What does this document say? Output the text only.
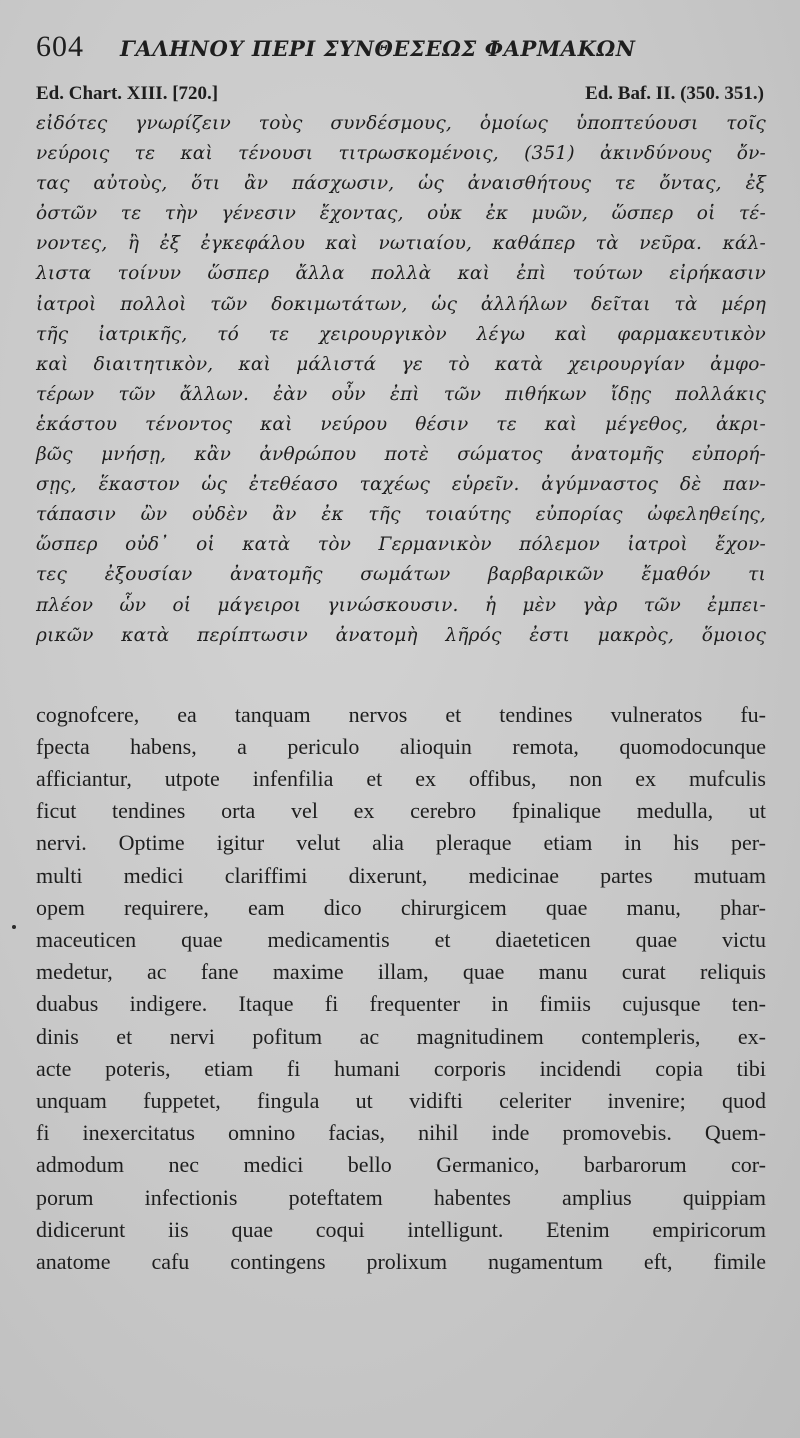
604	ΓΑΛΗΝΟΥ ΠΕΡΙ ΣΥΝΘΕΣΕΩΣ ΦΑΡΜΑΚΩΝ
Ed. Chart. XIII. [720.]	Ed. Baf. II. (350. 351.)
εἰδότες γνωρίζειν τοὺς συνδέσμους, ὁμοίως ὑποπτεύουσι τοῖς
νεύροις τε καὶ τένουσι τιτρωσκομένοις, (351) ἀκινδύνους ὄν-
τας αὐτοὺς, ὅτι ἂν πάσχωσιν, ὡς ἀναισθήτους τε ὄντας, ἐξ
ὀστῶν τε τὴν γένεσιν ἔχοντας, οὐκ ἐκ μυῶν, ὥσπερ οἱ τέ-
νοντες, ἢ ἐξ ἐγκεφάλου καὶ νωτιαίου, καθάπερ τὰ νεῦρα. κάλ-
λιστα τοίνυν ὥσπερ ἄλλα πολλὰ καὶ ἐπὶ τούτων εἰρήκασιν
ἰατροὶ πολλοὶ τῶν δοκιμωτάτων, ὡς ἀλλήλων δεῖται τὰ μέρη
τῆς ἰατρικῆς, τό τε χειρουργικὸν λέγω καὶ φαρμακευτικὸν
καὶ διαιτητικὸν, καὶ μάλιστά γε τὸ κατὰ χειρουργίαν ἀμφο-
τέρων τῶν ἄλλων. ἐὰν οὖν ἐπὶ τῶν πιθήκων ἴδῃς πολλάκις
ἑκάστου τένοντος καὶ νεύρου θέσιν τε καὶ μέγεθος, ἀκρι-
βῶς μνήσῃ, κἂν ἀνθρώπου ποτὲ σώματος ἀνατομῆς εὐπορή-
σῃς, ἕκαστον ὡς ἐτεθέασο ταχέως εὑρεῖν. ἀγύμναστος δὲ παν-
τάπασιν ὢν οὐδὲν ἂν ἐκ τῆς τοιαύτης εὐπορίας ὠφεληθείης,
ὥσπερ οὐδ᾽ οἱ κατὰ τὸν Γερμανικὸν πόλεμον ἰατροὶ ἔχον-
τες ἐξουσίαν ἀνατομῆς σωμάτων βαρβαρικῶν ἔμαθόν τι
πλέον ὧν οἱ μάγειροι γινώσκουσιν. ἡ μὲν γὰρ τῶν ἐμπει-
ρικῶν κατὰ περίπτωσιν ἀνατομὴ λῆρός ἐστι μακρὸς, ὅμοιος
cognofcere, ea tanquam nervos et tendines vulneratos fu-
fpecta habens, a periculo alioquin remota, quomodocunque
afficiantur, utpote infenfilia et ex offibus, non ex mufculis
ficut tendines orta vel ex cerebro fpinalique medulla, ut
nervi. Optime igitur velut alia pleraque etiam in his per-
multi medici clariffimi dixerunt, medicinae partes mutuam
opem requirere, eam dico chirurgicem quae manu, phar-
maceuticen quae medicamentis et diaeteticen quae victu
medetur, ac fane maxime illam, quae manu curat reliquis
duabus indigere. Itaque fi frequenter in fimiis cujusque ten-
dinis et nervi pofitum ac magnitudinem contempleris, ex-
acte poteris, etiam fi humani corporis incidendi copia tibi
unquam fuppetet, fingula ut vidifti celeriter invenire; quod
fi inexercitatus omnino facias, nihil inde promovebis. Quem-
admodum nec medici bello Germanico, barbarorum cor-
porum infectionis poteftatem habentes amplius quippiam
didicerunt iis quae coqui intelligunt. Etenim empiricorum
anatome cafu contingens prolixum nugamentum eft, fimile
